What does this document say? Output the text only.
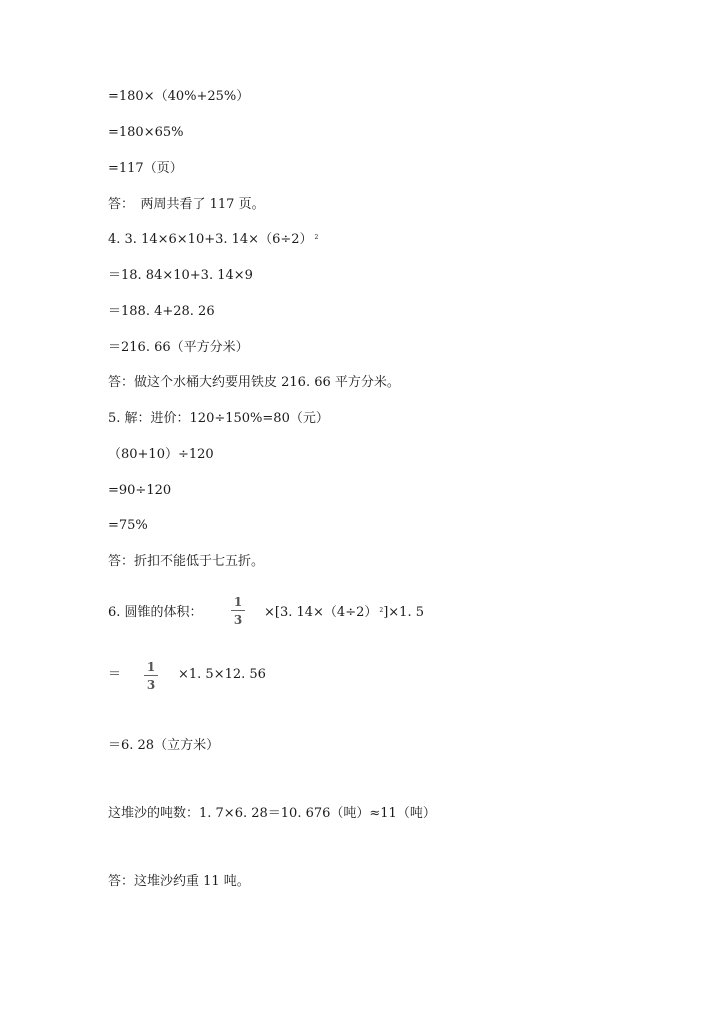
=180×（40%+25%）
=180×65%
=117（页）
答：　两周共看了 117 页。
4. 3. 14×6×10+3. 14×（6÷2） $^2$
＝18. 84×10+3. 14×9
＝188. 4+28. 26
＝216. 66（平方分米）
答：做这个水桶大约要用铁皮 216. 66 平方分米。
5. 解：进价：120÷150%=80（元）
（80+10）÷120
=90÷120
=75%
答：折扣不能低于七五折。
6. 圆锥的体积：
1
3 ×[3. 14×（4÷2） $^2$]×1. 5
＝ 1
3
×1. 5×12. 56
＝6. 28（立方米）
这堆沙的吨数：1. 7×6. 28＝10. 676（吨）≈11（吨）
答：这堆沙约重 11 吨。
